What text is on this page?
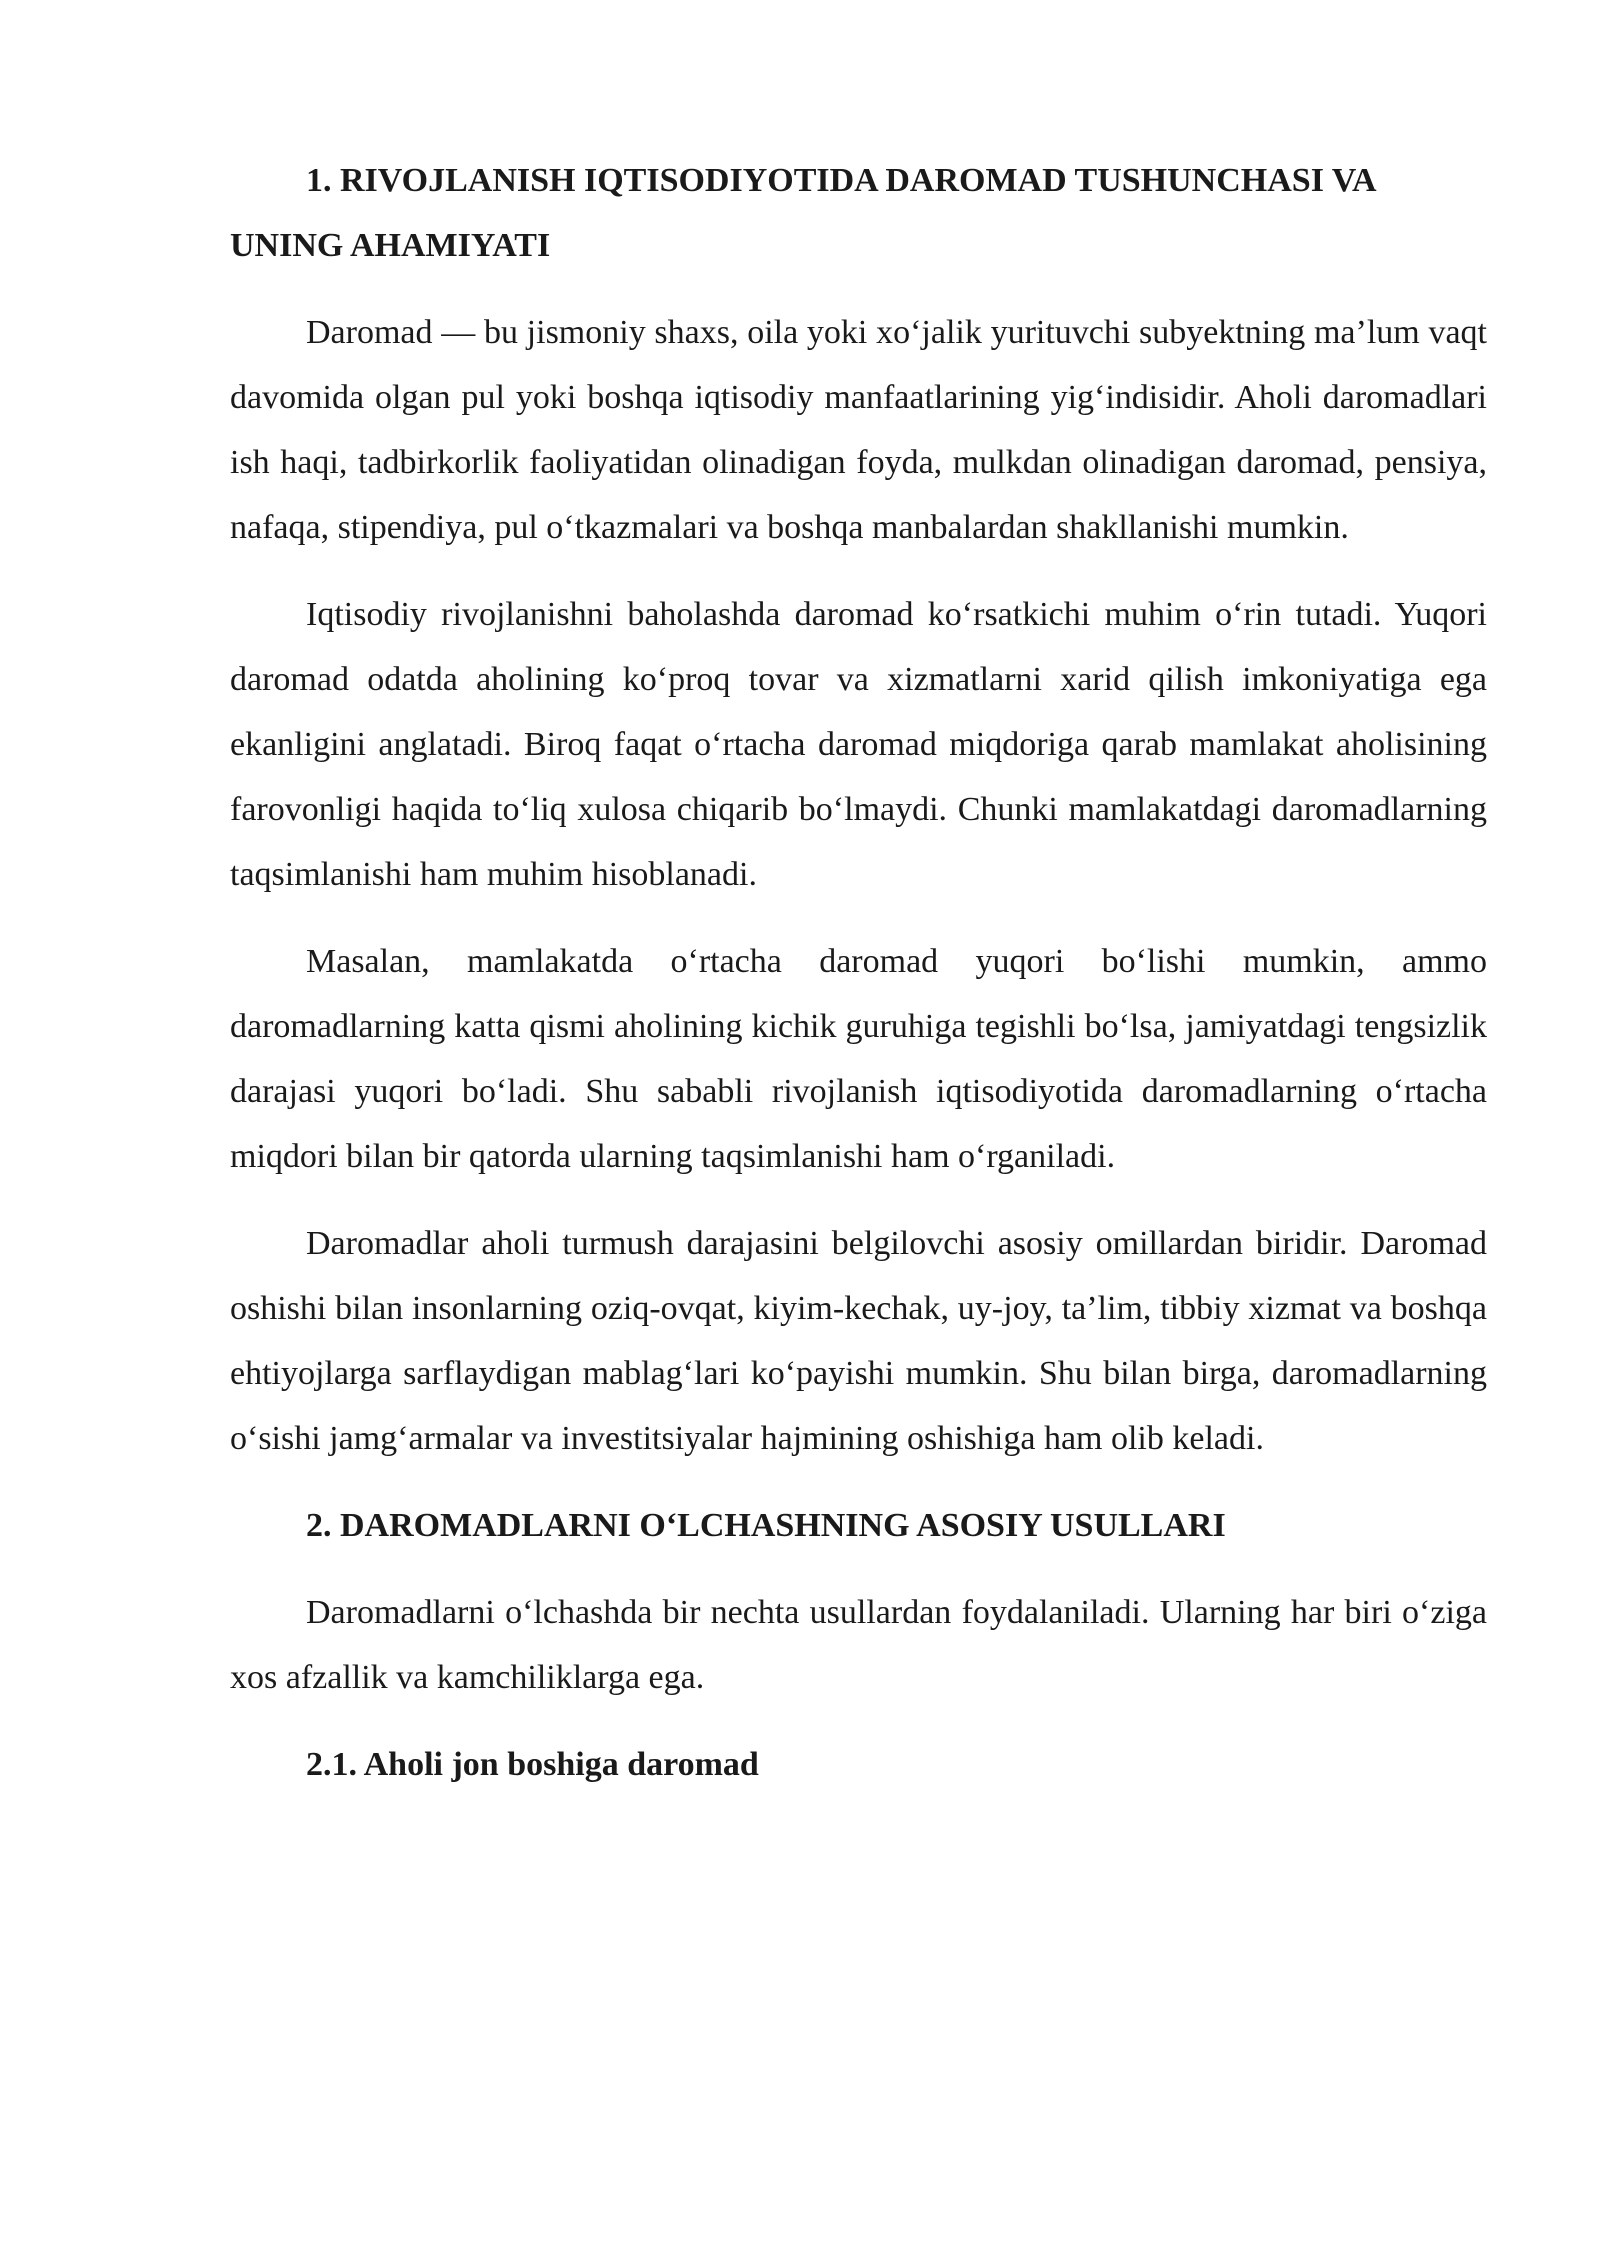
1. RIVOJLANISH IQTISODIYOTIDA DAROMAD TUSHUNCHASI VA UNING AHAMIYATI

Daromad — bu jismoniy shaxs, oila yoki xo‘jalik yurituvchi subyektning ma’lum vaqt davomida olgan pul yoki boshqa iqtisodiy manfaatlarining yig‘indisidir. Aholi daromadlari ish haqi, tadbirkorlik faoliyatidan olinadigan foyda, mulkdan olinadigan daromad, pensiya, nafaqa, stipendiya, pul o‘tkazmalari va boshqa manbalardan shakllanishi mumkin.

Iqtisodiy rivojlanishni baholashda daromad ko‘rsatkichi muhim o‘rin tutadi. Yuqori daromad odatda aholining ko‘proq tovar va xizmatlarni xarid qilish imkoniyatiga ega ekanligini anglatadi. Biroq faqat o‘rtacha daromad miqdoriga qarab mamlakat aholisining farovonligi haqida to‘liq xulosa chiqarib bo‘lmaydi. Chunki mamlakatdagi daromadlarning taqsimlanishi ham muhim hisoblanadi.

Masalan, mamlakatda o‘rtacha daromad yuqori bo‘lishi mumkin, ammo daromadlarning katta qismi aholining kichik guruhiga tegishli bo‘lsa, jamiyatdagi tengsizlik darajasi yuqori bo‘ladi. Shu sababli rivojlanish iqtisodiyotida daromadlarning o‘rtacha miqdori bilan bir qatorda ularning taqsimlanishi ham o‘rganiladi.

Daromadlar aholi turmush darajasini belgilovchi asosiy omillardan biridir. Daromad oshishi bilan insonlarning oziq-ovqat, kiyim-kechak, uy-joy, ta’lim, tibbiy xizmat va boshqa ehtiyojlarga sarflaydigan mablag‘lari ko‘payishi mumkin. Shu bilan birga, daromadlarning o‘sishi jamg‘armalar va investitsiyalar hajmining oshishiga ham olib keladi.

2. DAROMADLARNI O‘LCHASHNING ASOSIY USULLARI

Daromadlarni o‘lchashda bir nechta usullardan foydalaniladi. Ularning har biri o‘ziga xos afzallik va kamchiliklarga ega.

2.1. Aholi jon boshiga daromad
